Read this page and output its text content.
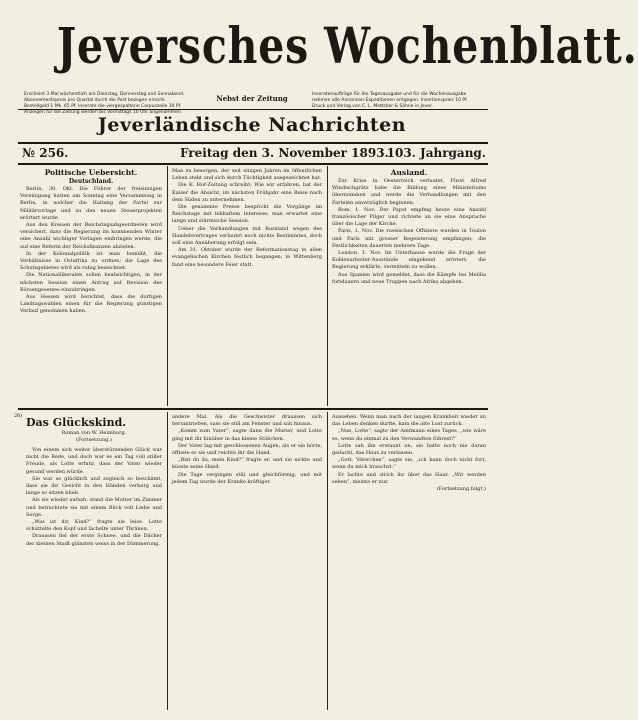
Jeversches Wochenblatt.
Erscheint 3 Mal wöchentlich am Dienstag, Donnerstag und Sonnabend.
Abonnementspreis pro Quartal durch die Post bezogen einschl.
Bestellgeld 1 Mk. 65 Pf. Inserate die viergespaltene Corpuszeile 10 Pf.
Anzeigen für die Zeitung werden bis Vormittags 10 Uhr angenommen.
Nebst der Zeitung	Inseratenaufträge für die Tagesausgabe und für die Wochenausgabe
nehmen alle Annoncen-Expeditionen entgegen. Insertionspreis 10 Pf.
Druck und Verlag von C. L. Mettcker & Söhne in Jever.
Jeverländische Nachrichten
№ 256.	Freitag den 3. November 1893.
103. Jahrgang.
Politische Uebersicht.
Deutschland.

Berlin, 30. Okt. Die Führer der freisinnigen Vereinigung hatten am Sonntag eine Versammlung in Berlin, in welcher die Haltung der Partei zur Militärvorlage und zu den neuen Steuerprojekten erörtert wurde.

Aus den Kreisen der Reichstagsabgeordneten wird versichert, dass die Regierung im kommenden Winter eine Anzahl wichtiger Vorlagen einbringen werde, die auf eine Reform der Reichsfinanzen abzielen.

In der Kolonialpolitik ist man bemüht, die Verhältnisse in Ostafrika zu ordnen; die Lage des Schutzgebietes wird als ruhig bezeichnet.

Die Nationalliberalen sollen beabsichtigen, in der nächsten Session einen Antrag auf Revision des Börsengesetzes einzubringen.

Aus Hessen wird berichtet, dass die dortigen Landtagswahlen einen für die Regierung günstigen Verlauf genommen haben.

Man zu besorgen, der seit einigen Jahren im öffentlichen Leben steht und sich durch Tüchtigkeit ausgezeichnet hat.

Die K. Hof-Zeitung schreibt: Wie wir erfahren, hat der Kaiser die Absicht, im nächsten Frühjahr eine Reise nach dem Süden zu unternehmen.

Die gesammte Presse bespricht die Vorgänge im Reichstage mit lebhaftem Interesse; man erwartet eine lange und stürmische Session.

Ueber die Verhandlungen mit Russland wegen des Handelsvertrages verlautet noch nichts Bestimmtes, doch soll eine Annäherung erfolgt sein.

Am 31. Oktober wurde der Reformationstag in allen evangelischen Kirchen festlich begangen; in Wittenberg fand eine besondere Feier statt.

Ausland.

Zur Krise in Oesterreich verlautet, Fürst Alfred Windischgrätz habe die Bildung eines Ministeriums übernommen und werde die Verhandlungen mit den Parteien unverzüglich beginnen.

Rom, 1. Nov. Der Papst empfing heute eine Anzahl französischer Pilger und richtete an sie eine Ansprache über die Lage der Kirche.

Paris, 1. Nov. Die russischen Offiziere wurden in Toulon und Paris mit grosser Begeisterung empfangen; die Festlichkeiten dauerten mehrere Tage.

London, 1. Nov. Im Unterhause wurde die Frage der Kohlenarbeiter-Ausstände eingehend erörtert; die Regierung erklärte, vermitteln zu wollen.

Aus Spanien wird gemeldet, dass die Kämpfe bei Melilla fortdauern und neue Truppen nach Afrika abgehen.

26) Das Glückskind.
Roman von W. Heimburg.
(Fortsetzung.)

Von einem sich weiter überstürzenden Glück war nicht die Rede, und doch war es ein Tag voll stiller Freude, als Lotte erfuhr, dass der Vater wieder gesund werden würde.

Sie war so glücklich und zugleich so beschämt, dass sie ihr Gesicht in den Händen verbarg und lange so sitzen blieb.

Als sie wieder aufsah, stand die Mutter im Zimmer und betrachtete sie mit einem Blick voll Liebe und Sorge.

„Was ist dir, Kind?“ fragte sie leise. Lotte schüttelte den Kopf und lächelte unter Thränen.

Draussen fiel der erste Schnee, und die Dächer der kleinen Stadt glänzten weiss in der Dämmerung.

andere Mal. Als die Geschwister draussen sich herumtrieben, sass sie still am Fenster und sah hinaus.

„Komm zum Vater“, sagte dann die Mutter, und Lotte ging mit ihr hinüber in das kleine Stübchen.

Der Vater lag mit geschlossenen Augen; als er sie hörte, öffnete er sie und reichte ihr die Hand.

„Bist du da, mein Kind?“ fragte er, und sie nickte und küsste seine Hand.

Die Tage vergingen still und gleichförmig, und mit jedem Tag wurde der Kranke kräftiger.

Aussehen. Wenn man nach der langen Krankheit wieder an das Leben denken durfte, kam die alte Lust zurück.

„Nun, Lotte“, sagte der Amtmann eines Tages, „wie wäre es, wenn du einmal zu den Verwandten führest?“

Lotte sah ihn erstaunt an; sie hatte noch nie daran gedacht, das Haus zu verlassen.

„Gott, Väterchen“, sagte sie, „ich kann doch nicht fort, wenn du mich brauchst.“

Er lachte und strich ihr über das Haar. „Wir werden sehen“, meinte er nur.

(Fortsetzung folgt.)
